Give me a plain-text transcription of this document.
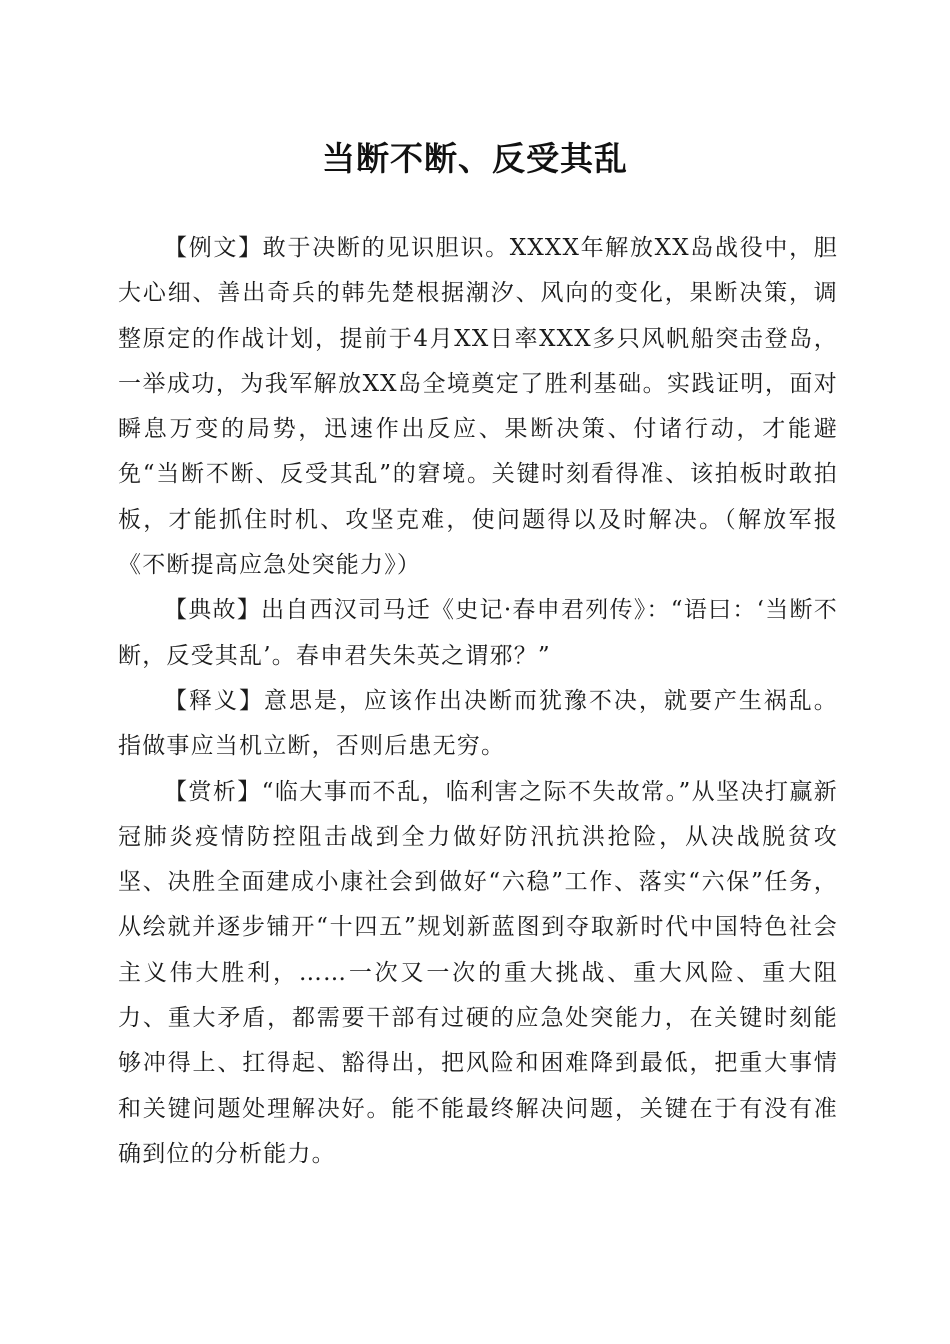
当断不断、反受其乱

【例文】敢于决断的见识胆识。XXXX年解放XX岛战役中，胆大心细、善出奇兵的韩先楚根据潮汐、风向的变化，果断决策，调整原定的作战计划，提前于4月XX日率XXX多只风帆船突击登岛，一举成功，为我军解放XX岛全境奠定了胜利基础。实践证明，面对瞬息万变的局势，迅速作出反应、果断决策、付诸行动，才能避免“当断不断、反受其乱”的窘境。关键时刻看得准、该拍板时敢拍板，才能抓住时机、攻坚克难，使问题得以及时解决。（解放军报《不断提高应急处突能力》）

【典故】出自西汉司马迁《史记·春申君列传》：“语曰：‘当断不断，反受其乱’。春申君失朱英之谓邪？”

【释义】意思是，应该作出决断而犹豫不决，就要产生祸乱。指做事应当机立断，否则后患无穷。

【赏析】“临大事而不乱，临利害之际不失故常。”从坚决打赢新冠肺炎疫情防控阻击战到全力做好防汛抗洪抢险，从决战脱贫攻坚、决胜全面建成小康社会到做好“六稳”工作、落实“六保”任务，从绘就并逐步铺开“十四五”规划新蓝图到夺取新时代中国特色社会主义伟大胜利，……一次又一次的重大挑战、重大风险、重大阻力、重大矛盾，都需要干部有过硬的应急处突能力，在关键时刻能够冲得上、扛得起、豁得出，把风险和困难降到最低，把重大事情和关键问题处理解决好。能不能最终解决问题，关键在于有没有准确到位的分析能力。
